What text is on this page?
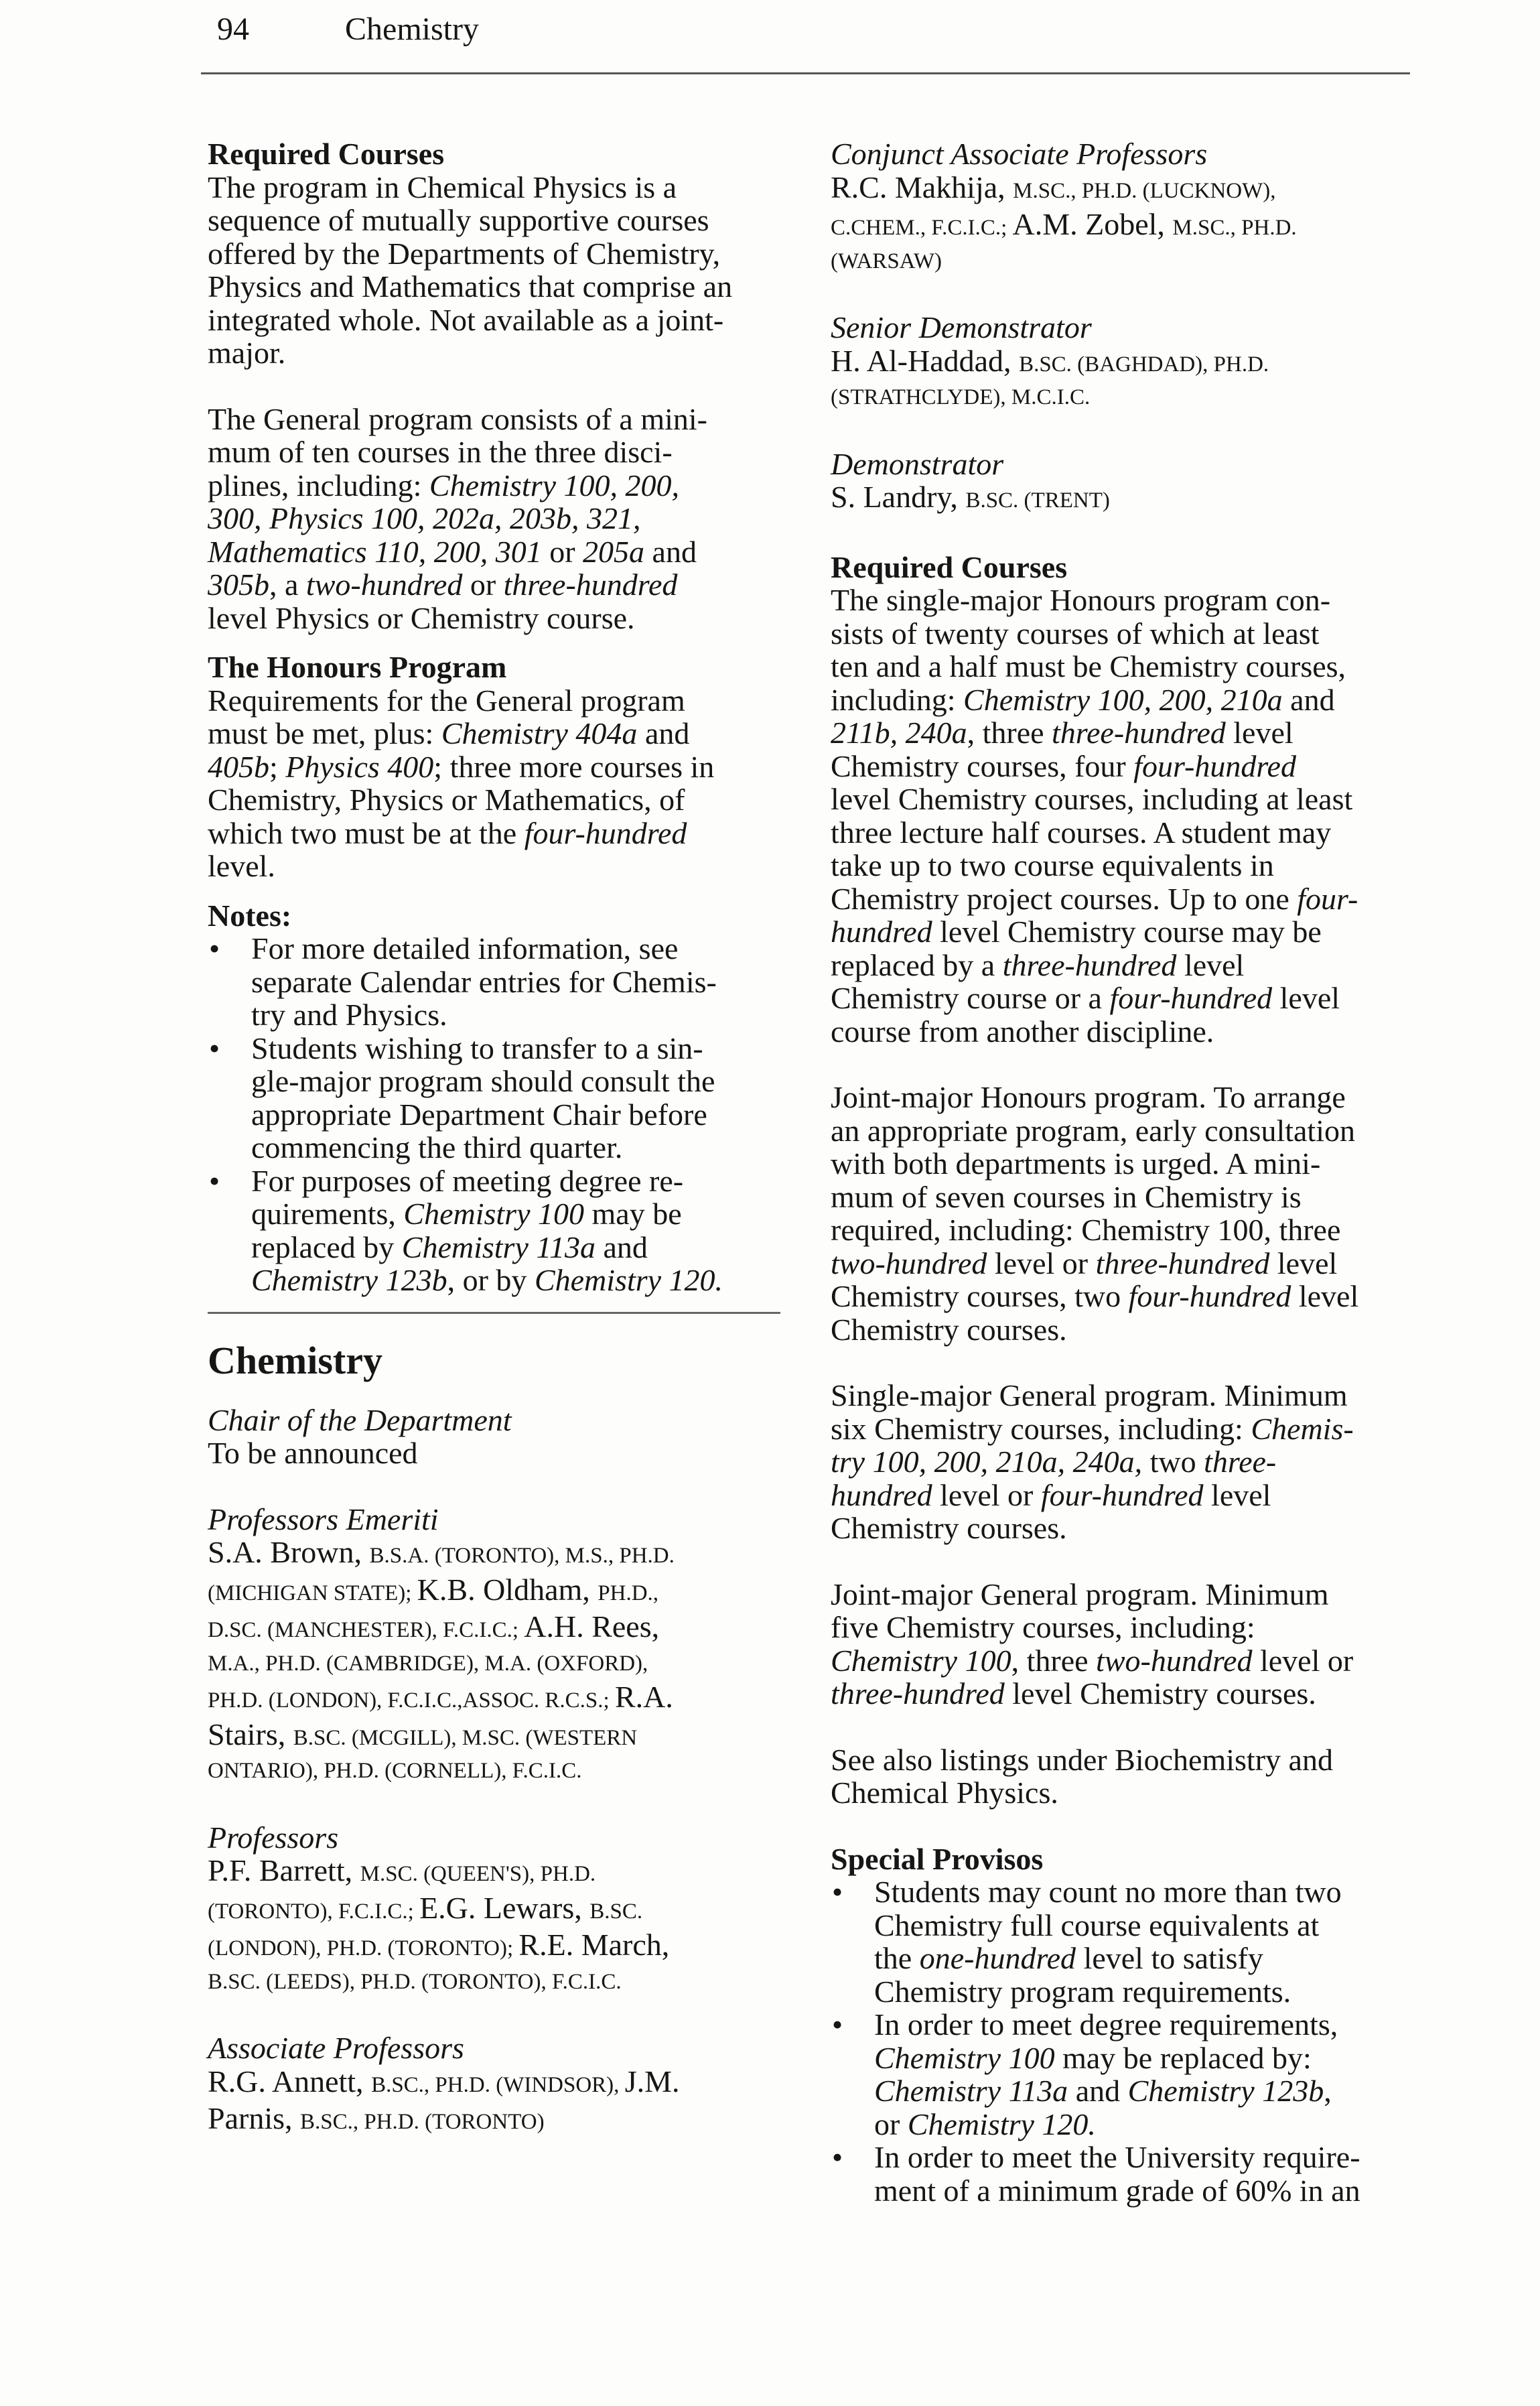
94	Chemistry
Required Courses
The program in Chemical Physics is a
sequence of mutually supportive courses
offered by the Departments of Chemistry,
Physics and Mathematics that comprise an
integrated whole. Not available as a joint-
major.
The General program consists of a mini-
mum of ten courses in the three disci-
plines, including: Chemistry 100, 200,
300, Physics 100, 202a, 203b, 321,
Mathematics 110, 200, 301 or 205a and
305b, a two-hundred or three-hundred
level Physics or Chemistry course.
The Honours Program
Requirements for the General program
must be met, plus: Chemistry 404a and
405b; Physics 400; three more courses in
Chemistry, Physics or Mathematics, of
which two must be at the four-hundred
level.
Notes:
• For more detailed information, see
separate Calendar entries for Chemis-
try and Physics.
• Students wishing to transfer to a sin-
gle-major program should consult the
appropriate Department Chair before
commencing the third quarter.
• For purposes of meeting degree re-
quirements, Chemistry 100 may be
replaced by Chemistry 113a and
Chemistry 123b, or by Chemistry 120.
Chemistry
Chair of the Department
To be announced
Professors Emeriti
S.A. Brown, B.S.A. (TORONTO), M.S., PH.D.
(MICHIGAN STATE); K.B. Oldham, PH.D.,
D.SC. (MANCHESTER), F.C.I.C.; A.H. Rees,
M.A., PH.D. (CAMBRIDGE), M.A. (OXFORD),
PH.D. (LONDON), F.C.I.C.,ASSOC. R.C.S.; R.A.
Stairs, B.SC. (MCGILL), M.SC. (WESTERN
ONTARIO), PH.D. (CORNELL), F.C.I.C.
Professors
P.F. Barrett, M.SC. (QUEEN'S), PH.D.
(TORONTO), F.C.I.C.; E.G. Lewars, B.SC.
(LONDON), PH.D. (TORONTO); R.E. March,
B.SC. (LEEDS), PH.D. (TORONTO), F.C.I.C.
Associate Professors
R.G. Annett, B.SC., PH.D. (WINDSOR), J.M.
Parnis, B.SC., PH.D. (TORONTO)
Conjunct Associate Professors
R.C. Makhija, M.SC., PH.D. (LUCKNOW),
C.CHEM., F.C.I.C.; A.M. Zobel, M.SC., PH.D.
(WARSAW)
Senior Demonstrator
H. Al-Haddad, B.SC. (BAGHDAD), PH.D.
(STRATHCLYDE), M.C.I.C.
Demonstrator
S. Landry, B.SC. (TRENT)
Required Courses
The single-major Honours program con-
sists of twenty courses of which at least
ten and a half must be Chemistry courses,
including: Chemistry 100, 200, 210a and
211b, 240a, three three-hundred level
Chemistry courses, four four-hundred
level Chemistry courses, including at least
three lecture half courses. A student may
take up to two course equivalents in
Chemistry project courses. Up to one four-
hundred level Chemistry course may be
replaced by a three-hundred level
Chemistry course or a four-hundred level
course from another discipline.
Joint-major Honours program. To arrange
an appropriate program, early consultation
with both departments is urged. A mini-
mum of seven courses in Chemistry is
required, including: Chemistry 100, three
two-hundred level or three-hundred level
Chemistry courses, two four-hundred level
Chemistry courses.
Single-major General program. Minimum
six Chemistry courses, including: Chemis-
try 100, 200, 210a, 240a, two three-
hundred level or four-hundred level
Chemistry courses.
Joint-major General program. Minimum
five Chemistry courses, including:
Chemistry 100, three two-hundred level or
three-hundred level Chemistry courses.
See also listings under Biochemistry and
Chemical Physics.
Special Provisos
• Students may count no more than two
Chemistry full course equivalents at
the one-hundred level to satisfy
Chemistry program requirements.
• In order to meet degree requirements,
Chemistry 100 may be replaced by:
Chemistry 113a and Chemistry 123b,
or Chemistry 120.
• In order to meet the University require-
ment of a minimum grade of 60% in an
